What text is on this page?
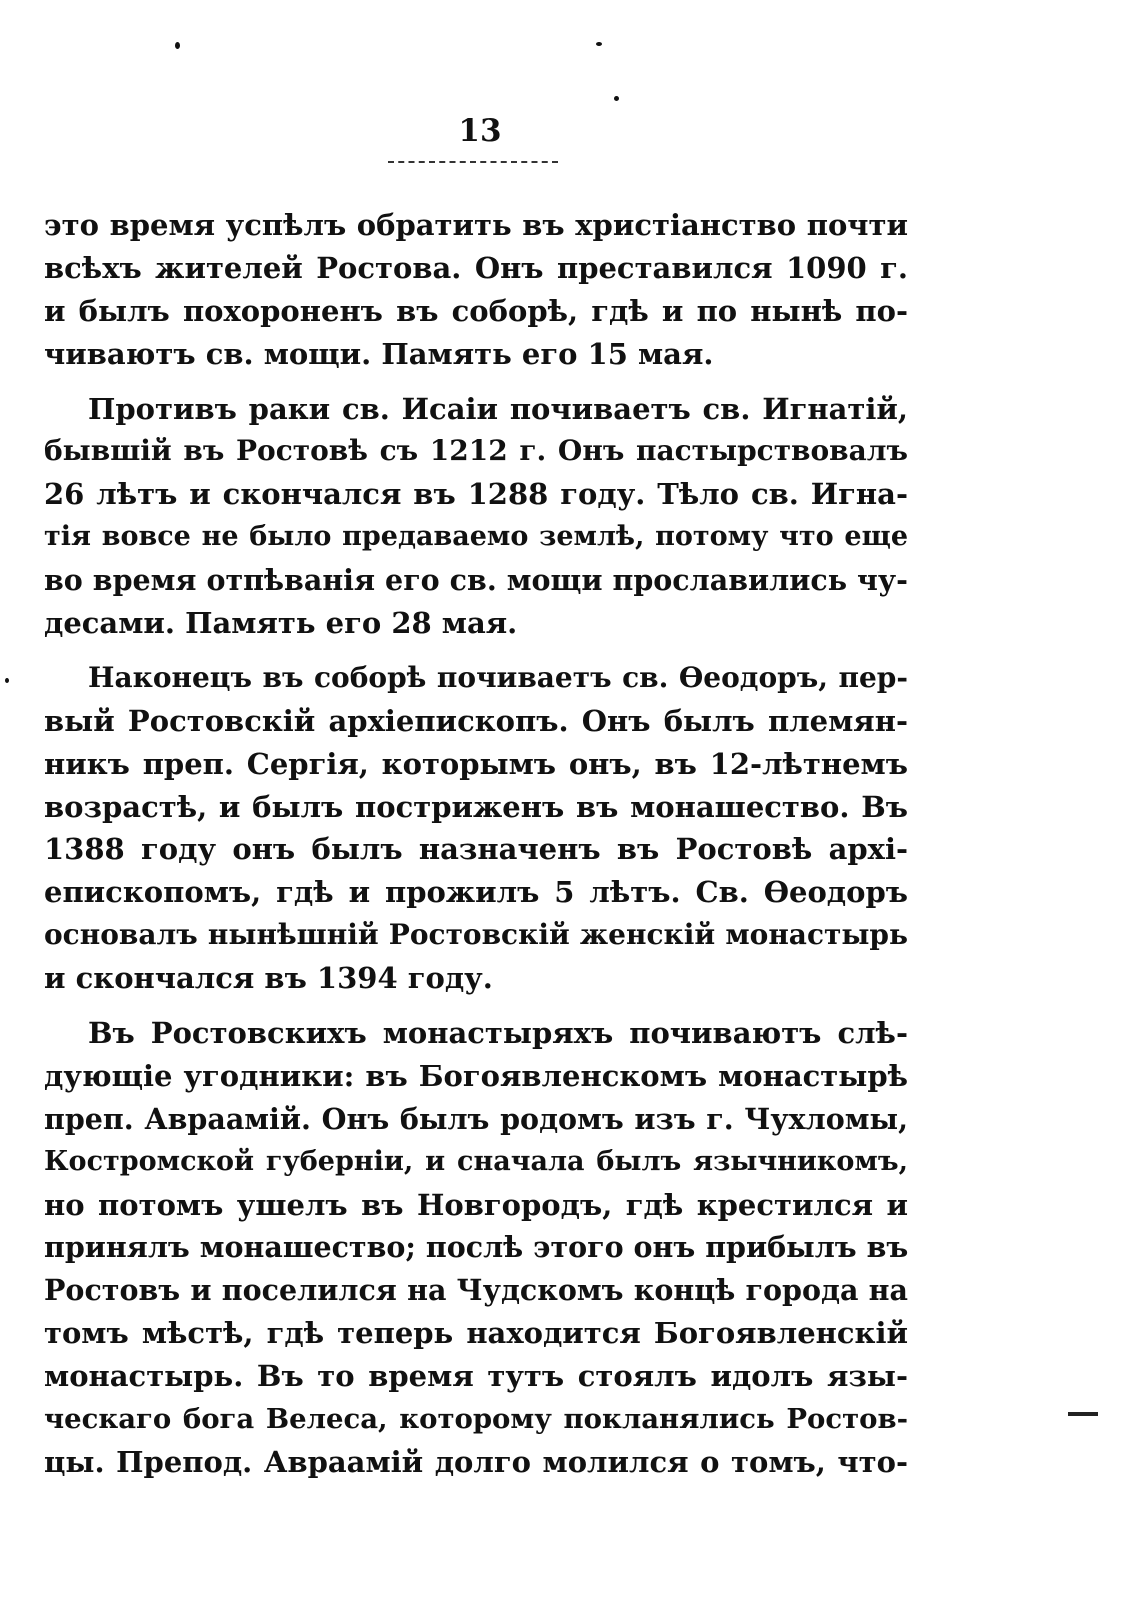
13
это время успѣлъ обратить въ христіанство почти
всѣхъ жителей Ростова. Онъ преставился 1090 г.
и былъ похороненъ въ соборѣ, гдѣ и по нынѣ по-
чиваютъ св. мощи. Память его 15 мая.
Противъ раки св. Исаіи почиваетъ св. Игнатій,
бывшій въ Ростовѣ съ 1212 г. Онъ пастырствовалъ
26 лѣтъ и скончался въ 1288 году. Тѣло св. Игна-
тія вовсе не было предаваемо землѣ, потому что еще
во время отпѣванія его св. мощи прославились чу-
десами. Память его 28 мая.
Наконецъ въ соборѣ почиваетъ св. Ѳеодоръ, пер-
вый Ростовскій архіепископъ. Онъ былъ племян-
никъ преп. Сергія, которымъ онъ, въ 12-лѣтнемъ
возрастѣ, и былъ постриженъ въ монашество. Въ
1388 году онъ былъ назначенъ въ Ростовѣ архі-
епископомъ, гдѣ и прожилъ 5 лѣтъ. Св. Ѳеодоръ
основалъ нынѣшній Ростовскій женскій монастырь
и скончался въ 1394 году.
Въ Ростовскихъ монастыряхъ почиваютъ слѣ-
дующіе угодники: въ Богоявленскомъ монастырѣ
преп. Авраамій. Онъ былъ родомъ изъ г. Чухломы,
Костромской губерніи, и сначала былъ язычникомъ,
но потомъ ушелъ въ Новгородъ, гдѣ крестился и
принялъ монашество; послѣ этого онъ прибылъ въ
Ростовъ и поселился на Чудскомъ концѣ города на
томъ мѣстѣ, гдѣ теперь находится Богоявленскій
монастырь. Въ то время тутъ стоялъ идолъ язы-
ческаго бога Велеса, которому покланялись Ростов-
цы. Препод. Авраамій долго молился о томъ, что-
